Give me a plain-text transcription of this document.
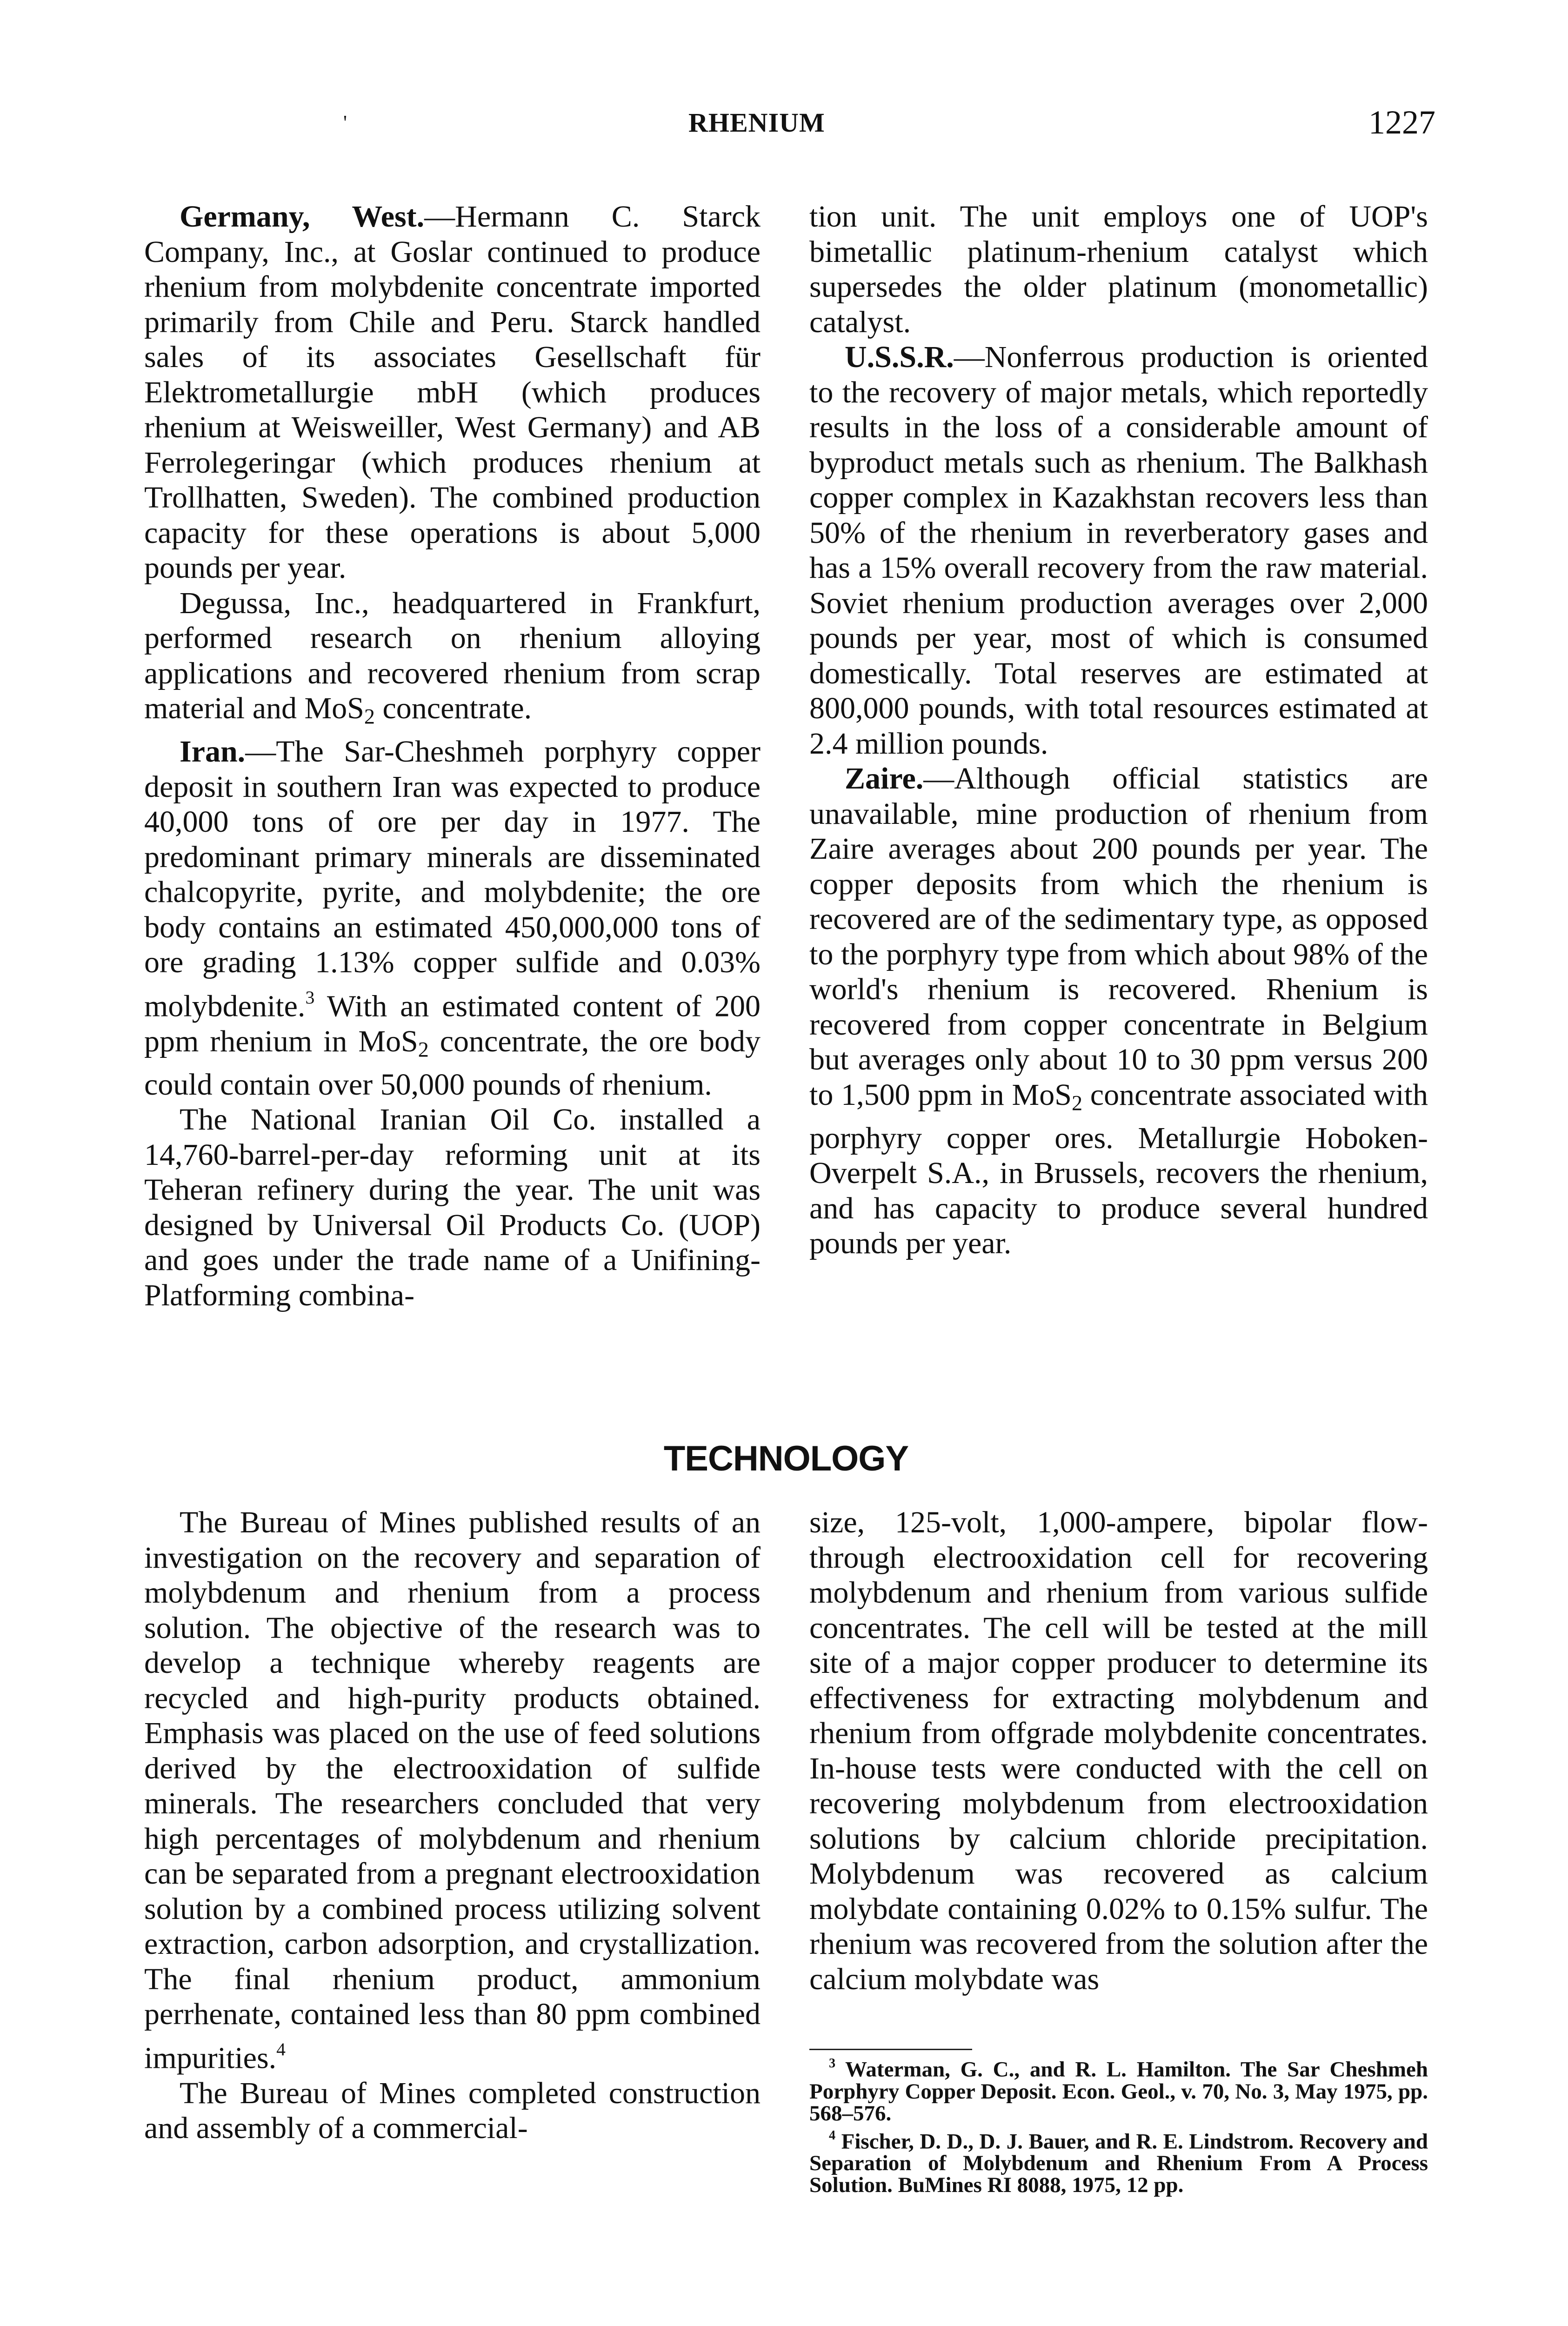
'	RHENIUM	1227

Germany, West.—Hermann C. Starck Company, Inc., at Goslar continued to produce rhenium from molybdenite concentrate imported primarily from Chile and Peru. Starck handled sales of its associates Gesellschaft für Elektrometallurgie mbH (which produces rhenium at Weisweiller, West Germany) and AB Ferrolegeringar (which produces rhenium at Trollhatten, Sweden). The combined production capacity for these operations is about 5,000 pounds per year.

Degussa, Inc., headquartered in Frankfurt, performed research on rhenium alloying applications and recovered rhenium from scrap material and MoS$_2$ concentrate.

Iran.—The Sar-Cheshmeh porphyry copper deposit in southern Iran was expected to produce 40,000 tons of ore per day in 1977. The predominant primary minerals are disseminated chalcopyrite, pyrite, and molybdenite; the ore body contains an estimated 450,000,000 tons of ore grading 1.13% copper sulfide and 0.03% molybdenite.$^3$ With an estimated content of 200 ppm rhenium in MoS$_2$ concentrate, the ore body could contain over 50,000 pounds of rhenium.

The National Iranian Oil Co. installed a 14,760-barrel-per-day reforming unit at its Teheran refinery during the year. The unit was designed by Universal Oil Products Co. (UOP) and goes under the trade name of a Unifining-Platforming combina-

tion unit. The unit employs one of UOP's bimetallic platinum-rhenium catalyst which supersedes the older platinum (monometallic) catalyst.

U.S.S.R.—Nonferrous production is oriented to the recovery of major metals, which reportedly results in the loss of a considerable amount of byproduct metals such as rhenium. The Balkhash copper complex in Kazakhstan recovers less than 50% of the rhenium in reverberatory gases and has a 15% overall recovery from the raw material. Soviet rhenium production averages over 2,000 pounds per year, most of which is consumed domestically. Total reserves are estimated at 800,000 pounds, with total resources estimated at 2.4 million pounds.

Zaire.—Although official statistics are unavailable, mine production of rhenium from Zaire averages about 200 pounds per year. The copper deposits from which the rhenium is recovered are of the sedimentary type, as opposed to the porphyry type from which about 98% of the world's rhenium is recovered. Rhenium is recovered from copper concentrate in Belgium but averages only about 10 to 30 ppm versus 200 to 1,500 ppm in MoS$_2$ concentrate associated with porphyry copper ores. Metallurgie Hoboken-Overpelt S.A., in Brussels, recovers the rhenium, and has capacity to produce several hundred pounds per year.

TECHNOLOGY

The Bureau of Mines published results of an investigation on the recovery and separation of molybdenum and rhenium from a process solution. The objective of the research was to develop a technique whereby reagents are recycled and high-purity products obtained. Emphasis was placed on the use of feed solutions derived by the electrooxidation of sulfide minerals. The researchers concluded that very high percentages of molybdenum and rhenium can be separated from a pregnant electrooxidation solution by a combined process utilizing solvent extraction, carbon adsorption, and crystallization. The final rhenium product, ammonium perrhenate, contained less than 80 ppm combined impurities.$^4$

The Bureau of Mines completed construction and assembly of a commercial-

size, 125-volt, 1,000-ampere, bipolar flow-through electrooxidation cell for recovering molybdenum and rhenium from various sulfide concentrates. The cell will be tested at the mill site of a major copper producer to determine its effectiveness for extracting molybdenum and rhenium from offgrade molybdenite concentrates. In-house tests were conducted with the cell on recovering molybdenum from electrooxidation solutions by calcium chloride precipitation. Molybdenum was recovered as calcium molybdate containing 0.02% to 0.15% sulfur. The rhenium was recovered from the solution after the calcium molybdate was

$^3$ Waterman, G. C., and R. L. Hamilton. The Sar Cheshmeh Porphyry Copper Deposit. Econ. Geol., v. 70, No. 3, May 1975, pp. 568–576.

$^4$ Fischer, D. D., D. J. Bauer, and R. E. Lindstrom. Recovery and Separation of Molybdenum and Rhenium From A Process Solution. BuMines RI 8088, 1975, 12 pp.
